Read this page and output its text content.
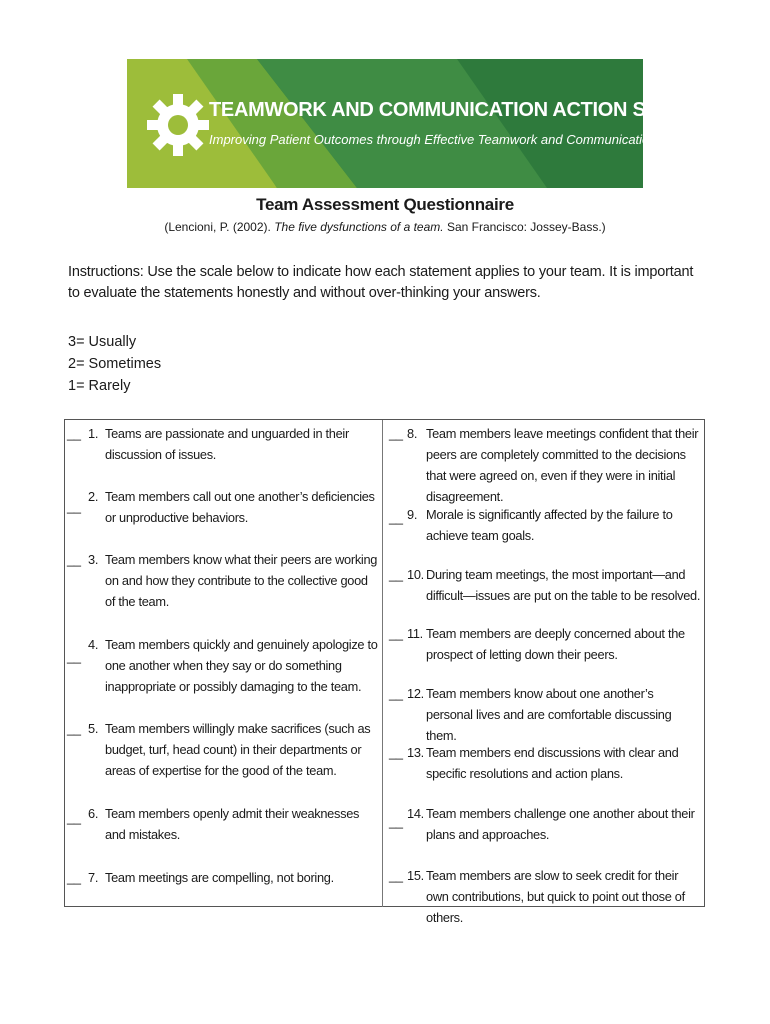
TEAMWORK AND COMMUNICATION ACTION SERIES:
Improving Patient Outcomes through Effective Teamwork and Communication
Team Assessment Questionnaire
(Lencioni, P. (2002). The five dysfunctions of a team. San Francisco: Jossey-Bass.)
Instructions: Use the scale below to indicate how each statement applies to your team. It is important to evaluate the statements honestly and without over-thinking your answers.
3= Usually
2= Sometimes
1= Rarely
__ 1. Teams are passionate and unguarded in their discussion of issues.
__
2. Team members call out one another’s deficiencies or unproductive behaviors.
__ 3. Team members know what their peers are working on and how they contribute to the collective good of the team.
__
4. Team members quickly and genuinely apologize to one another when they say or do something inappropriate or possibly damaging to the team.
__ 5. Team members willingly make sacrifices (such as budget, turf, head count) in their departments or areas of expertise for the good of the team.
__ 6. Team members openly admit their weaknesses and mistakes.
__ 7. Team meetings are compelling, not boring.
__ 8. Team members leave meetings confident that their peers are completely committed to the decisions that were agreed on, even if they were in initial disagreement.
__ 9. Morale is significantly affected by the failure to achieve team goals.
__ 10. During team meetings, the most important—and difficult—issues are put on the table to be resolved.
__ 11. Team members are deeply concerned about the prospect of letting down their peers.
__ 12. Team members know about one another’s personal lives and are comfortable discussing them.
__ 13. Team members end discussions with clear and specific resolutions and action plans.
__
14. Team members challenge one another about their plans and approaches.
__ 15. Team members are slow to seek credit for their own contributions, but quick to point out those of others.
